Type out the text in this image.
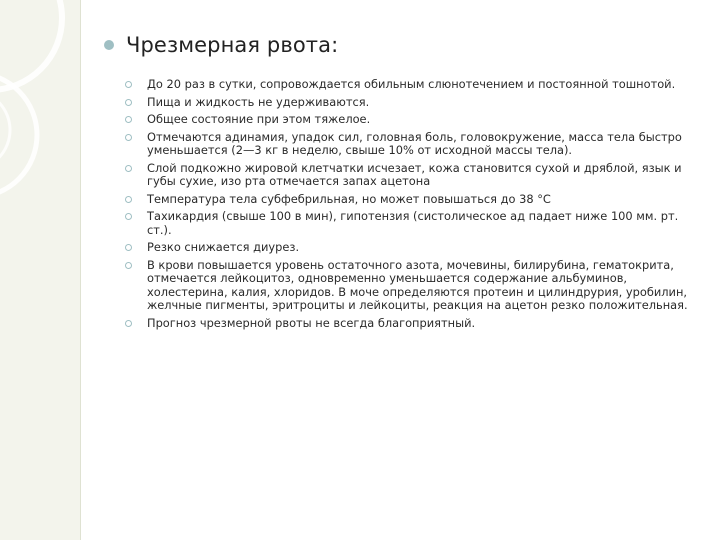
Чрезмерная рвота:
До 20 раз в сутки, сопровождается обильным слюнотечением и постоянной тошнотой.
Пища и жидкость не удерживаются.
Общее состояние при этом тяжелое.
Отмечаются адинамия, упадок сил, головная боль, головокружение, масса тела быстро уменьшается (2—3 кг в неделю, свыше 10% от исходной массы тела).
Слой подкожно жировой клетчатки исчезает, кожа становится сухой и дряблой, язык и губы сухие, изо рта отмечается запах ацетона
Температура тела субфебрильная, но может повышаться до 38 °С
Тахикардия (свыше 100 в мин), гипотензия (систолическое ад падает ниже 100 мм. рт. ст.).
Резко снижается диурез.
В крови повышается уровень остаточного азота, мочевины, билирубина, гематокрита, отмечается лейкоцитоз, одновременно уменьшается содержание альбуминов, холестерина, калия, хлоридов. В моче определяются протеин и цилиндрурия, уробилин, желчные пигменты, эритроциты и лейкоциты, реакция на ацетон резко положительная.
Прогноз чрезмерной рвоты не всегда благоприятный.
